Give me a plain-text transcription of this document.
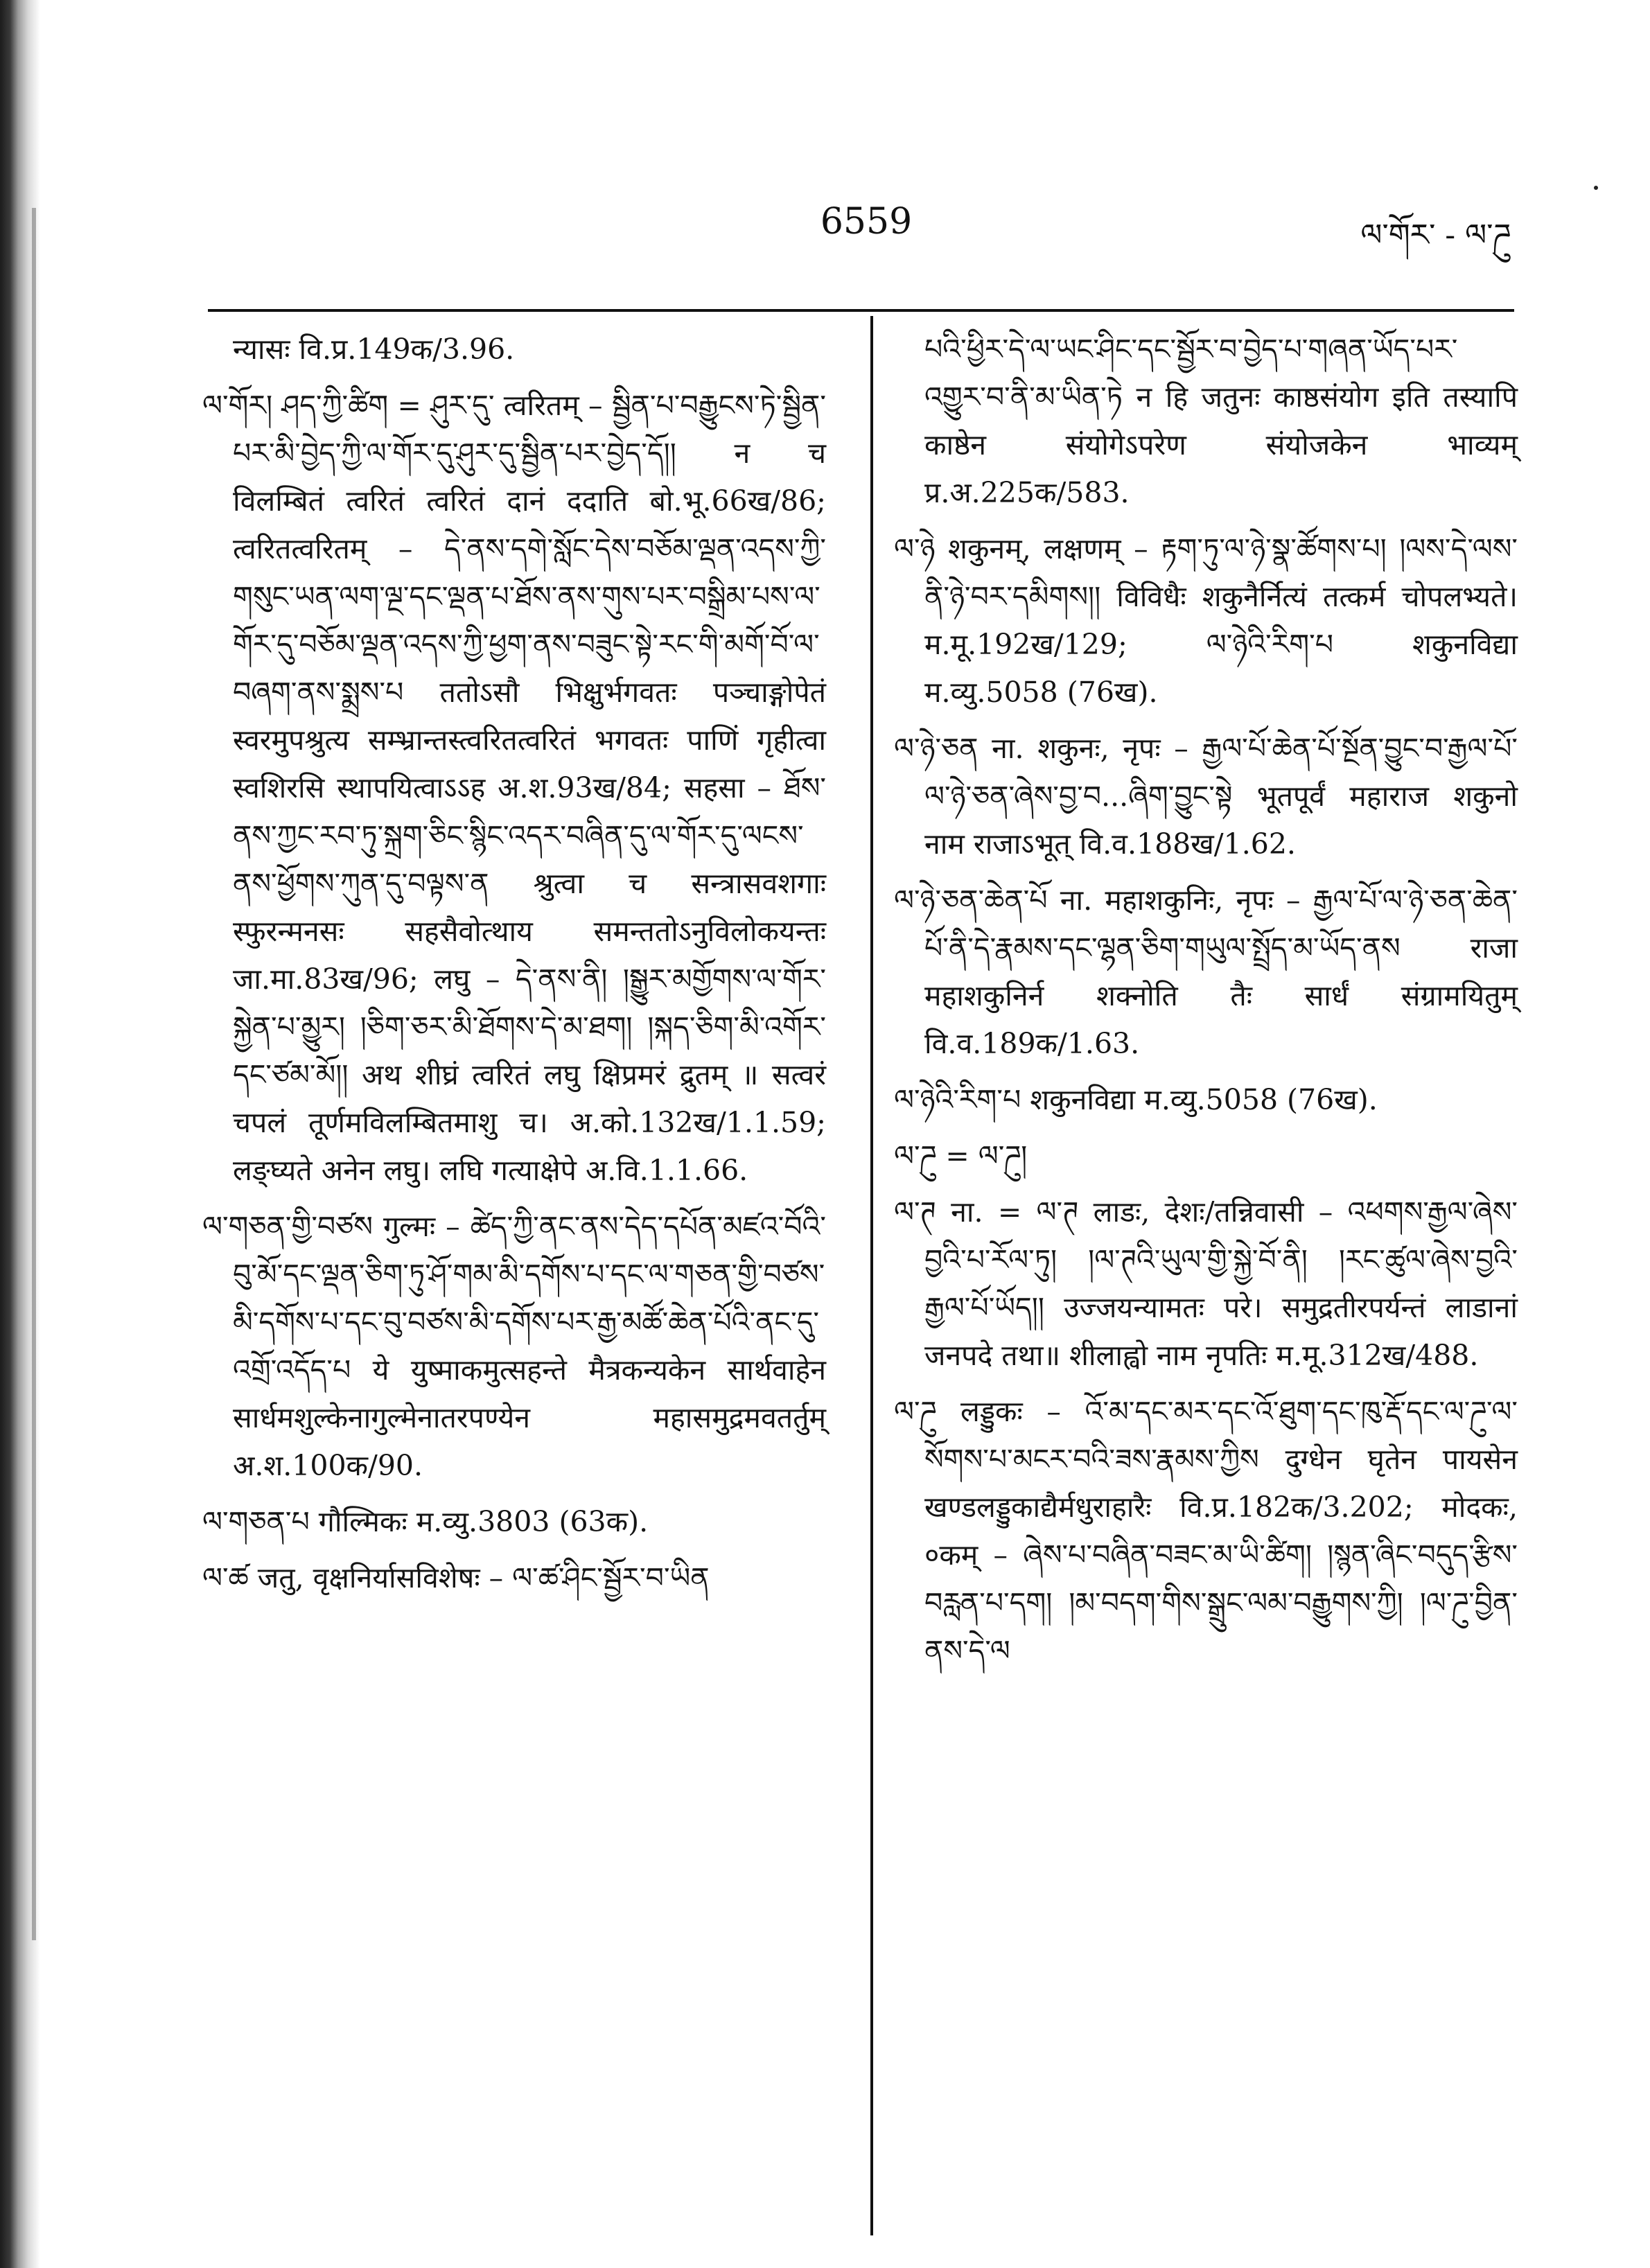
6559	ལ་གོར་ - ལ་ཌུ

न्यासः वि.प्र.149क/3.96.

ལ་གོར། ཤད་ཀྱི་ཚིག = ཤུར་དུ་ त्वरितम् – སྦྱིན་པ་བརྒྱུངས་ཏེ་སྦྱིན་པར་མི་བྱེད་ཀྱི་ལ་གོར་དུ་ཤུར་དུ་སྦྱིན་པར་བྱེད་དོ།། न च विलम्बितं त्वरितं त्वरितं दानं ददाति बो.भू.66ख/86; त्वरितत्वरितम् – དེ་ནས་དགེ་སློང་དེས་བཅོམ་ལྡན་འདས་ཀྱི་གསུང་ཡན་ལག་ལྔ་དང་ལྡན་པ་ཐོས་ནས་གུས་པར་བསྒྲིམ་པས་ལ་གོར་དུ་བཅོམ་ལྡན་འདས་ཀྱི་ཕྱག་ནས་བཟུང་སྟེ་རང་གི་མགོ་བོ་ལ་བཞག་ནས་སྨྲས་པ ततोऽसौ भिक्षुर्भगवतः पञ्चाङ्गोपेतं स्वरमुपश्रुत्य सम्भ्रान्तस्त्वरितत्वरितं भगवतः पाणिं गृहीत्वा स्वशिरसि स्थापयित्वाऽऽह अ.श.93ख/84; सहसा – ཐོས་ནས་ཀྱང་རབ་ཏུ་སྐྲག་ཅིང་སྙིང་འདར་བཞིན་དུ་ལ་གོར་དུ་ལངས་ནས་ཕྱོགས་ཀུན་དུ་བལྟས་ན श्रुत्वा च सन्त्रासवशगाः स्फुरन्मनसः सहसैवोत्थाय समन्ततोऽनुविलोकयन्तः जा.मा.83ख/96; लघु – དེ་ནས་ནི། །སྒྱུར་མགྱོགས་ལ་གོར་སྐྱེན་པ་མྱུར། །ཅིག་ཅར་མི་ཐོགས་དེ་མ་ཐག། །སྐད་ཅིག་མི་འགོར་དང་ཙམ་མོ།། अथ शीघ्रं त्वरितं लघु क्षिप्रमरं द्रुतम् ॥ सत्वरं चपलं तूर्णमविलम्बितमाशु च। अ.को.132ख/1.1.59; लङ्घ्यते अनेन लघु। लघि गत्याक्षेपे अ.वि.1.1.66.

ལ་གཅན་གྱི་བཙས गुल्मः – ཚེད་ཀྱི་ནང་ནས་དེད་དཔོན་མཛའ་བོའི་བུ་མོ་དང་ལྡན་ཅིག་ཏུ་ཤོ་གམ་མི་དགོས་པ་དང་ལ་གཅན་གྱི་བཙས་མི་དགོས་པ་དང་བུ་བཙས་མི་དགོས་པར་རྒྱ་མཚོ་ཆེན་པོའི་ནང་དུ་འགྲོ་འདོད་པ ये युष्माकमुत्सहन्ते मैत्रकन्यकेन सार्थवाहेन सार्धमशुल्केनागुल्मेनातरपण्येन महासमुद्रमवतर्तुम् अ.श.100क/90.

ལ་གཅན་པ गौल्मिकः म.व्यु.3803 (63क).

ལ་ཚ जतु, वृक्षनिर्यासविशेषः – ལ་ཚ་ཤིང་སྦྱོར་བ་ཡིན

པའི་ཕྱིར་དེ་ལ་ཡང་ཤིང་དང་སྦྱོར་བ་བྱེད་པ་གཞན་ཡོད་པར་འགྱུར་བ་ནི་མ་ཡིན་ཏེ न हि जतुनः काष्ठसंयोग इति तस्यापि काष्ठेन संयोगेऽपरेण संयोजकेन भाव्यम् प्र.अ.225क/583.

ལ་ཉེ शकुनम्, लक्षणम् – རྟག་ཏུ་ལ་ཉེ་སྣ་ཚོགས་པ། །ལས་དེ་ལས་ནི་ཉེ་བར་དམིགས།། विविधैः शकुनैर्नित्यं तत्कर्म चोपलभ्यते। म.मू.192ख/129; ལ་ཉེའི་རིག་པ शकुनविद्या म.व्यु.5058 (76ख).

ལ་ཉེ་ཅན ना. शकुनः, नृपः – རྒྱལ་པོ་ཆེན་པོ་སྔོན་བྱུང་བ་རྒྱལ་པོ་ལ་ཉེ་ཅན་ཞེས་བྱ་བ...ཞིག་བྱུང་སྟེ भूतपूर्वं महाराज शकुनो नाम राजाऽभूत् वि.व.188ख/1.62.

ལ་ཉེ་ཅན་ཆེན་པོ ना. महाशकुनिः, नृपः – རྒྱལ་པོ་ལ་ཉེ་ཅན་ཆེན་པོ་ནི་དེ་རྣམས་དང་ལྷན་ཅིག་གཡུལ་སྤྲོད་མ་ཡོད་ནས राजा महाशकुनिर्न शक्नोति तैः सार्धं संग्रामयितुम् वि.व.189क/1.63.

ལ་ཉེའི་རིག་པ शकुनविद्या म.व्यु.5058 (76ख).

ལ་ཌུ = ལ་ཌུ།

ལ་ཊ ना. = ལ་ཊ लाडः, देशः/तन्निवासी – འཕགས་རྒྱལ་ཞེས་བྱའི་པ་རོལ་ཏུ། །ལ་ཊའི་ཡུལ་གྱི་སྐྱེ་བོ་ནི། །རང་ཚུལ་ཞེས་བྱའི་རྒྱལ་པོ་ཡོད།། उज्जयन्यामतः परे। समुद्रतीरपर्यन्तं लाडानां जनपदे तथा॥ शीलाह्वो नाम नृपतिः म.मू.312ख/488.

ལ་ཌུ लड्डुकः – འོ་མ་དང་མར་དང་འོ་ཐུག་དང་ཁུ་རྡོ་དང་ལ་ཌུ་ལ་སོགས་པ་མངར་བའི་ཟས་རྣམས་ཀྱིས दुग्धेन घृतेन पायसेन खण्डलड्डुकाद्यैर्मधुराहारैः वि.प्र.182क/3.202; मोदकः, ०कम् – ཞེས་པ་བཞིན་བཟང་མ་ཡི་ཚིག། །སྙན་ཞིང་བདུད་རྩིས་བརླན་པ་དག། །མ་བདག་གིས་སྒྲུང་ལམ་བརྒྱུགས་ཀྱི། །ལ་ཌུ་བྱིན་ནས་དེ་ལ
